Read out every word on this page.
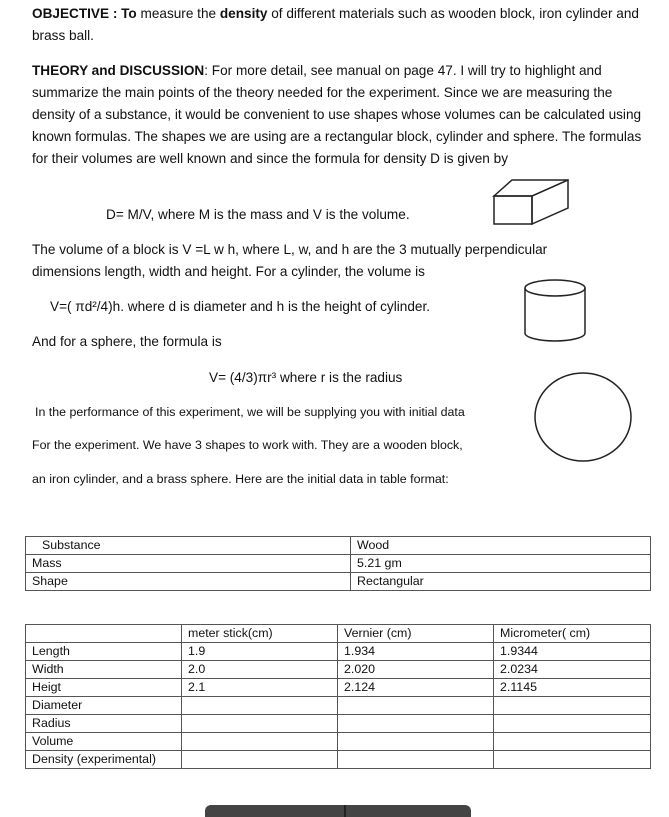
OBJECTIVE : To measure the density of different materials such as wooden block, iron cylinder and brass ball.
THEORY and DISCUSSION: For more detail, see manual on page 47. I will try to highlight and summarize the main points of the theory needed for the experiment. Since we are measuring the density of a substance, it would be convenient to use shapes whose volumes can be calculated using known formulas. The shapes we are using are a rectangular block, cylinder and sphere. The formulas for their volumes are well known and since the formula for density D is given by
D= M/V, where M is the mass and V is the volume.
The volume of a block is V =L w h, where L, w, and h are the 3 mutually perpendicular dimensions length, width and height. For a cylinder, the volume is
V=( πd²/4)h. where d is diameter and h is the height of cylinder.
And for a sphere, the formula is
V= (4/3)πr³ where r is the radius
In the performance of this experiment, we will be supplying you with initial data
For the experiment. We have 3 shapes to work with. They are a wooden block,
an iron cylinder, and a brass sphere. Here are the initial data in table format:
Substance	Wood
Mass	5.21 gm
Shape	Rectangular
	meter stick(cm)	Vernier (cm)	Micrometer( cm)
Length	1.9	1.934	1.9344
Width	2.0	2.020	2.0234
Heigt	2.1	2.124	2.1145
Diameter			
Radius			
Volume			
Density (experimental)			
